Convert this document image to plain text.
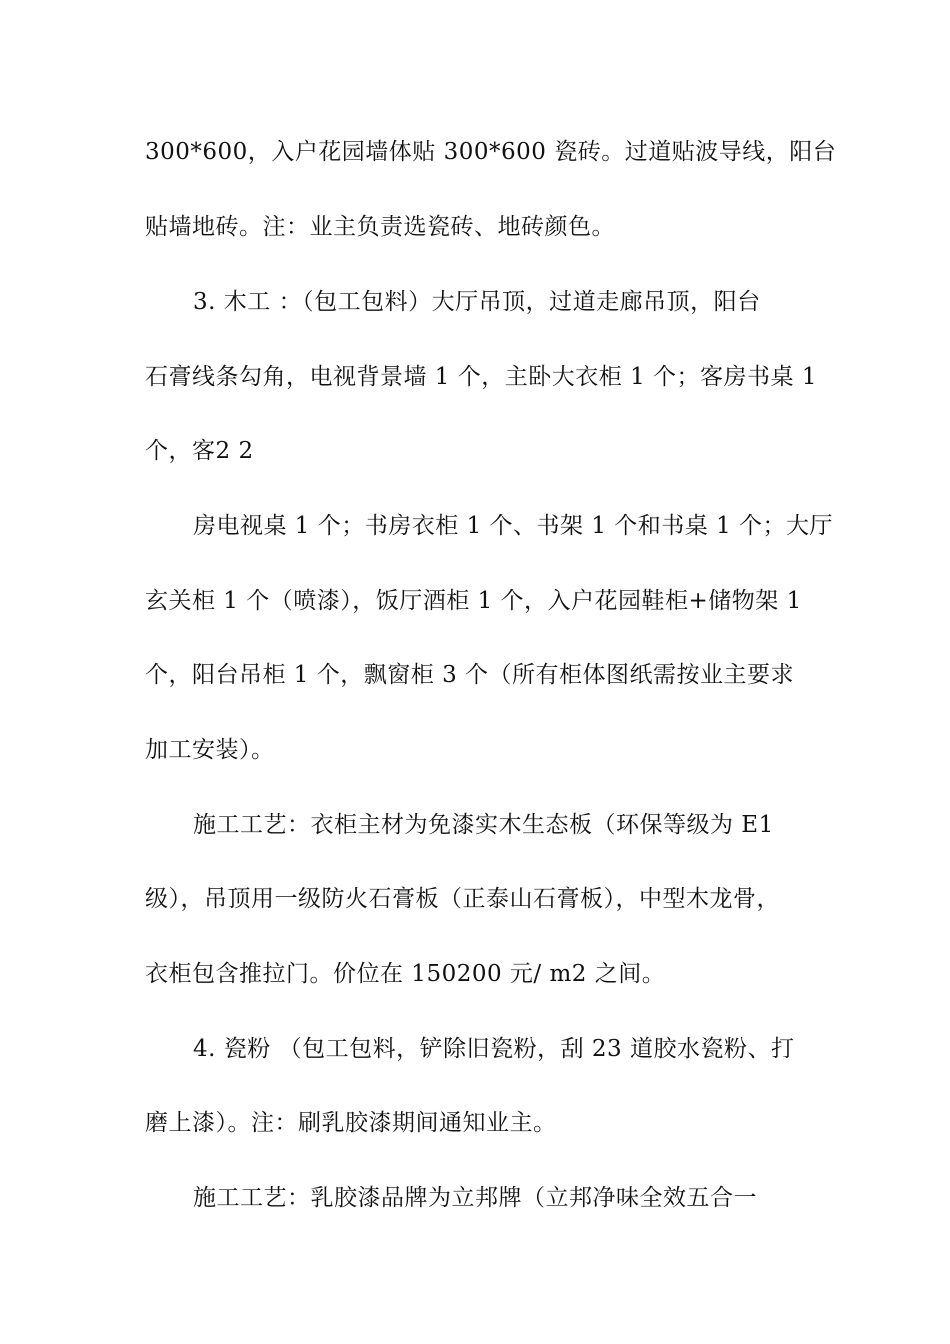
300*600，入户花园墙体贴 300*600 瓷砖。过道贴波导线，阳台
贴墙地砖。注：业主负责选瓷砖、地砖颜色。
3. 木工 ：（包工包料）大厅吊顶，过道走廊吊顶，阳台
石膏线条勾角，电视背景墙 1 个，主卧大衣柜 1 个；客房书桌 1
个，客2 2
房电视桌 1 个；书房衣柜 1 个、书架 1 个和书桌 1 个；大厅
玄关柜 1 个（喷漆），饭厅酒柜 1 个，入户花园鞋柜+储物架 1
个，阳台吊柜 1 个，飘窗柜 3 个（所有柜体图纸需按业主要求
加工安装）。
施工工艺：衣柜主材为免漆实木生态板（环保等级为 E1
级），吊顶用一级防火石膏板（正泰山石膏板），中型木龙骨，
衣柜包含推拉门。价位在 150200 元/ m2 之间。
4. 瓷粉 （包工包料，铲除旧瓷粉，刮 23 道胶水瓷粉、打
磨上漆）。注：刷乳胶漆期间通知业主。
施工工艺：乳胶漆品牌为立邦牌（立邦净味全效五合一
